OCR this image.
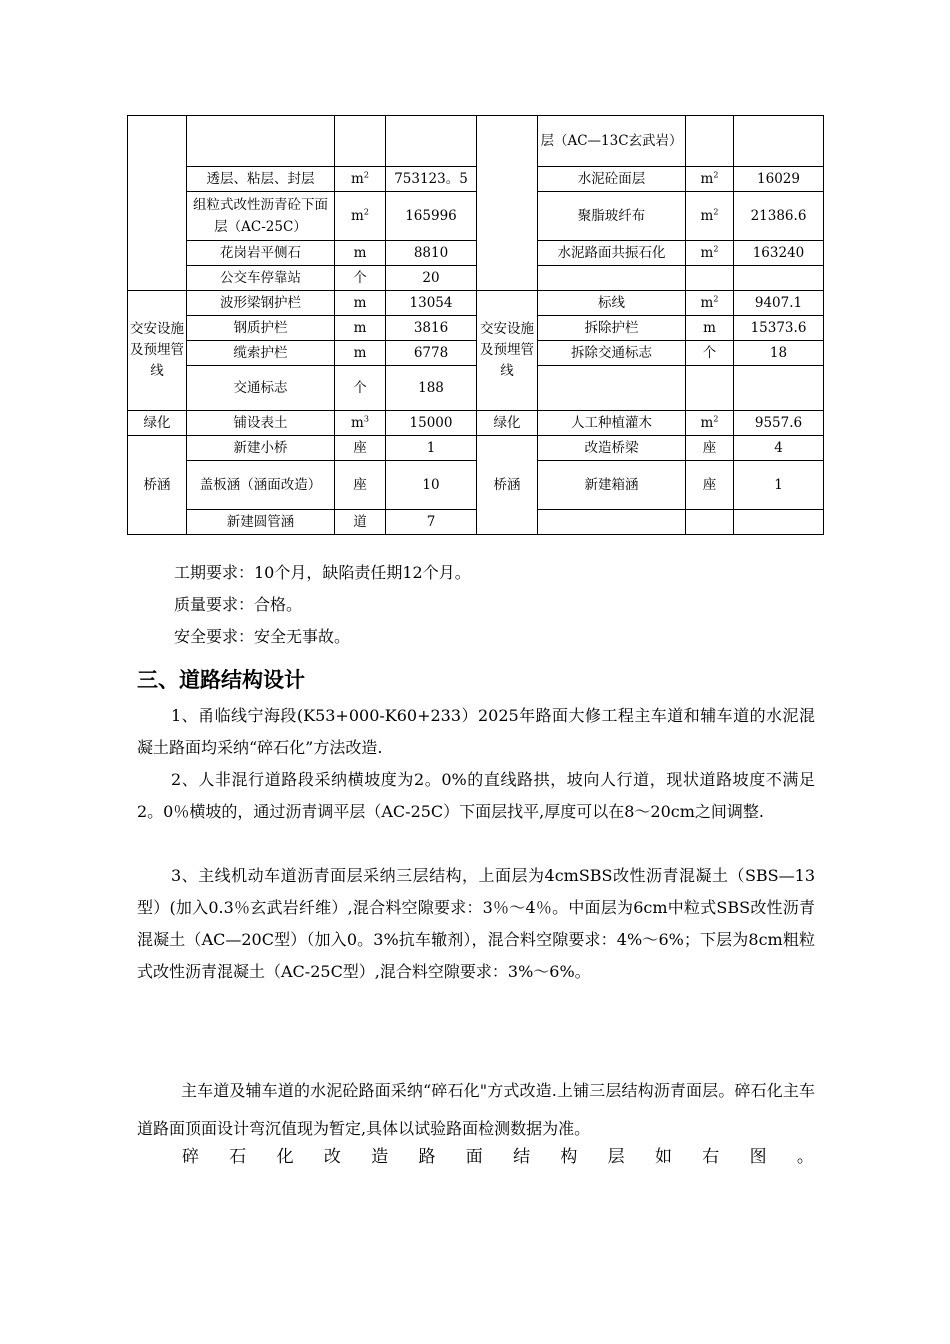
					层（AC—13C玄武岩）		
	透层、粘层、封层	$m^2$	753123。5		水泥砼面层	$m^2$	16029
	组粒式改性沥青砼下面层（AC-25C）	$m^2$	165996		聚脂玻纤布	$m^2$	21386.6
	花岗岩平侧石	m	8810		水泥路面共振石化	$m^2$	163240
	公交车停靠站	个	20				
交安设施及预埋管线	波形梁钢护栏	m	13054	交安设施及预埋管线	标线	$m^2$	9407.1
	钢质护栏	m	3816		拆除护栏	m	15373.6
	缆索护栏	m	6778		拆除交通标志	个	18
	交通标志	个	188				
绿化	铺设表土	$m^3$	15000	绿化	人工种植灌木	$m^2$	9557.6
桥涵	新建小桥	座	1	桥涵	改造桥梁	座	4
	盖板涵（涵面改造）	座	10		新建箱涵	座	1
	新建圆管涵	道	7				
工期要求：10个月，缺陷责任期12个月。
质量要求：合格。
安全要求：安全无事故。
三、道路结构设计
1、甬临线宁海段(K53+000-K60+233）2025年路面大修工程主车道和辅车道的水泥混凝土路面均采纳“碎石化”方法改造.
2、人非混行道路段采纳横坡度为2。0%的直线路拱，坡向人行道，现状道路坡度不满足2。0％横坡的，通过沥青调平层（AC-25C）下面层找平,厚度可以在8～20cm之间调整.
3、主线机动车道沥青面层采纳三层结构，上面层为4cmSBS改性沥青混凝土（SBS—13型）(加入0.3％玄武岩纤维）,混合料空隙要求：3％～4％。中面层为6cm中粒式SBS改性沥青混凝土（AC—20C型）（加入0。3%抗车辙剂），混合料空隙要求：4%～6%；下层为8cm粗粒式改性沥青混凝土（AC-25C型）,混合料空隙要求：3%～6%。
主车道及辅车道的水泥砼路面采纳“碎石化"方式改造.上铺三层结构沥青面层。碎石化主车道路面顶面设计弯沉值现为暂定,具体以试验路面检测数据为准。
碎 石 化 改 造 路 面 结 构 层 如 右 图 。
